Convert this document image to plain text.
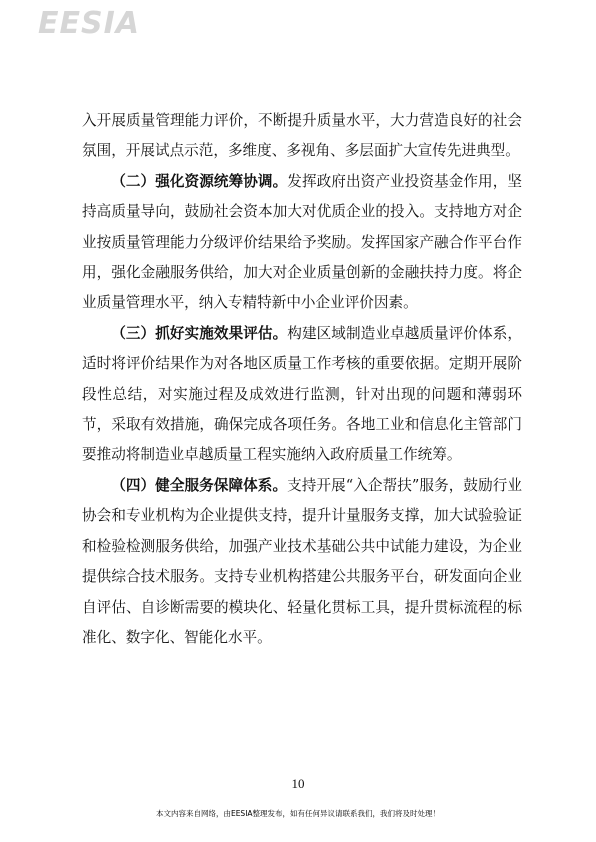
EESIA

入开展质量管理能力评价，不断提升质量水平，大力营造良好的社会氛围，开展试点示范，多维度、多视角、多层面扩大宣传先进典型。

（二）强化资源统筹协调。发挥政府出资产业投资基金作用，坚持高质量导向，鼓励社会资本加大对优质企业的投入。支持地方对企业按质量管理能力分级评价结果给予奖励。发挥国家产融合作平台作用，强化金融服务供给，加大对企业质量创新的金融扶持力度。将企业质量管理水平，纳入专精特新中小企业评价因素。

（三）抓好实施效果评估。构建区域制造业卓越质量评价体系，适时将评价结果作为对各地区质量工作考核的重要依据。定期开展阶段性总结，对实施过程及成效进行监测，针对出现的问题和薄弱环节，采取有效措施，确保完成各项任务。各地工业和信息化主管部门要推动将制造业卓越质量工程实施纳入政府质量工作统筹。

（四）健全服务保障体系。支持开展“入企帮扶”服务，鼓励行业协会和专业机构为企业提供支持，提升计量服务支撑，加大试验验证和检验检测服务供给，加强产业技术基础公共中试能力建设，为企业提供综合技术服务。支持专业机构搭建公共服务平台，研发面向企业自评估、自诊断需要的模块化、轻量化贯标工具，提升贯标流程的标准化、数字化、智能化水平。

10
本文内容来自网络，由EESIA整理发布，如有任何异议请联系我们，我们将及时处理！
